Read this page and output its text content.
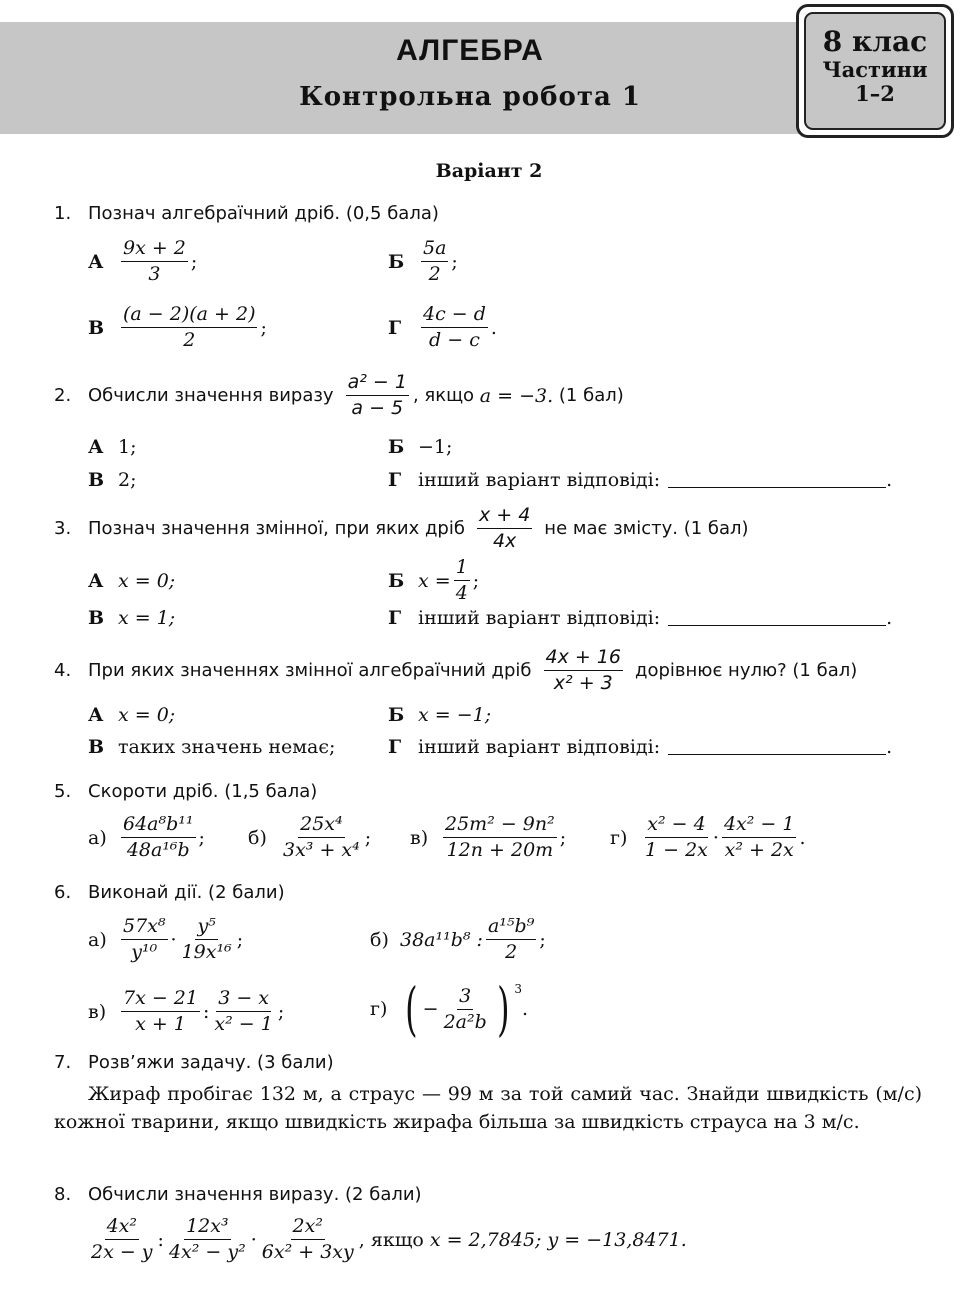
АЛГЕБРА
Контрольна робота 1
8 клас
Частини
1–2
Варіант 2
1. Познач алгебраїчний дріб. (0,5 бала)
А $\frac{9x + 2}{3}$ ;	Б $\frac{5a}{2}$ ;
В $\frac{(a - 2)(a + 2)}{2}$ ;	Г	$\frac{4c - d}{d - c}$ .
2. Обчисли значення виразу $\frac{\text{a² − 1}}{a - 5}$ , якщо
a = −3.
(1 бал)
А 1;	Б −1;
В 2;	Г інший варіант відповіді:	.
3. Познач значення змінної, при яких дріб $\frac{x + 4}{4x}$ не має змісту. (1 бал)
А x = 0;	Б $x = \frac{1}{4}$ ;
В x = 1;	Г інший варіант відповіді:	.
4. При яких значеннях змінної алгебраїчний дріб $\frac{4x + 16}{\text{x² + 3}}$ дорівнює нулю? (1 бал)
А x = 0;	Б x = −1;
В таких значень немає;	Г інший варіант відповіді:	.
5. Скороти дріб. (1,5 бала)
$а) \frac{\text{64a⁸b¹¹}}{\text{48a¹⁶b}}$ ; $б) \frac{\text{25x⁴}}{\text{3x³ + x⁴}}$ ; $в) \frac{\text{25m² − 9n²}}{12n + 20m}$ ; $г) \frac{\text{x² − 4}}{1 - 2x} \cdot \frac{\text{4x² − 1}}{\text{x² + 2x}}$ .
6. Виконай дії. (2 бали)
$а) \frac{\text{57x⁸}}{\text{y¹⁰}} \cdot \frac{\text{y⁵}}{\text{19x¹⁶}}$ ;	б) 38a¹¹b⁸ : $\frac{\text{a¹⁵b⁹}}{2}$ ;
$в) \frac{7x - 21}{x + 1}$ : $\frac{3 - x}{\text{x² − 1}}$ ;	г) ( − $\frac{3}{\text{2a²b}}$ ) $^3$
.
7. Розв’яжи задачу. (3 бали)
Жираф пробігає 132 м, а страус — 99 м за той самий час. Знайди швидкість (м/с) кожної тварини, якщо швидкість жирафа більша за швидкість страуса на 3 м/с.
8. Обчисли значення виразу. (2 бали)
$\frac{\text{4x²}}{2x - y}$ : $\frac{\text{12x³}}{\text{4x² − y²}} \cdot \frac{\text{2x²}}{\text{6x² + 3xy}}$ , якщо
x = 2,7845; y = −13,8471.
